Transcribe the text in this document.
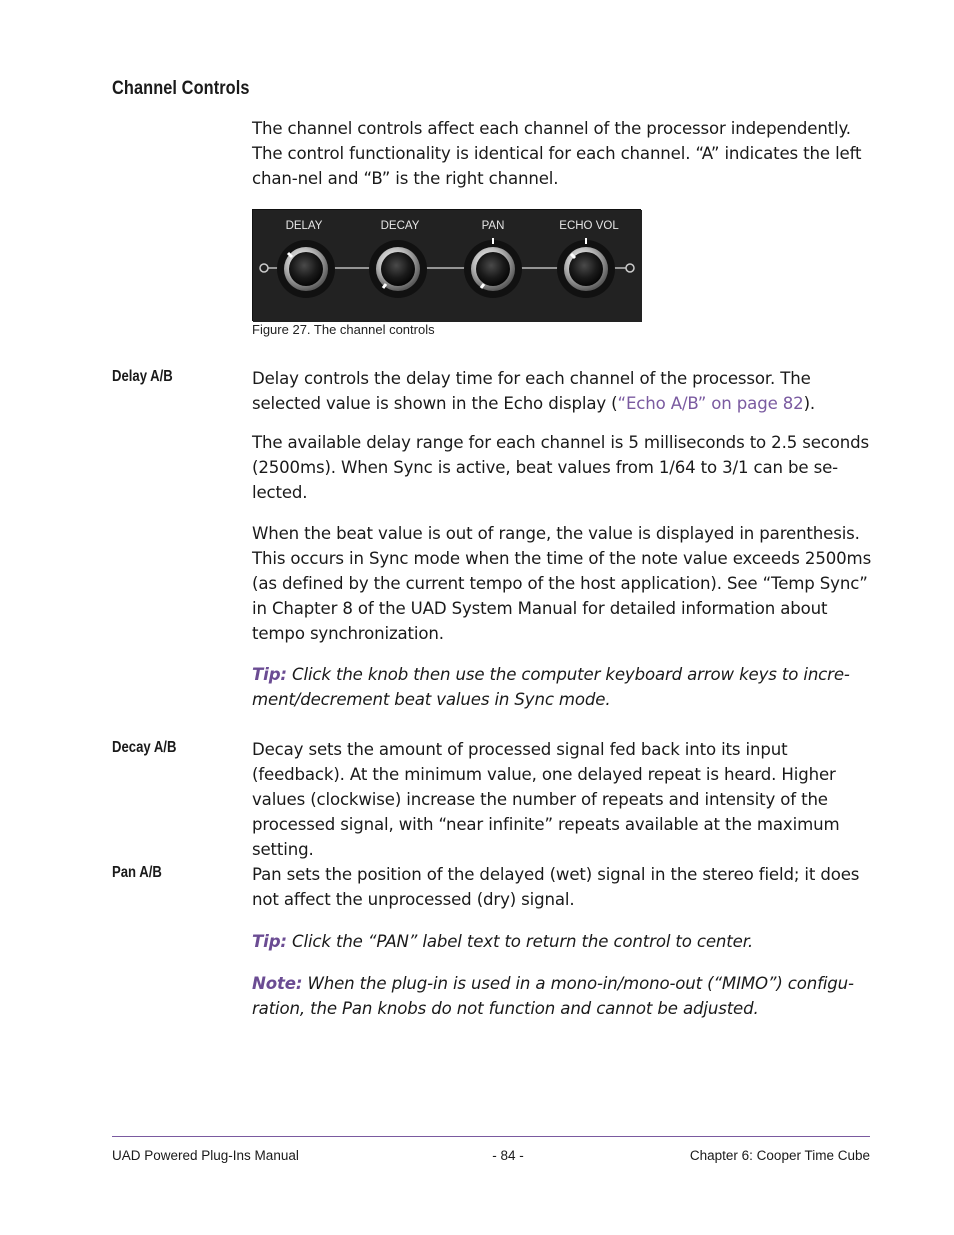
Channel Controls

The channel controls affect each channel of the processor independently. The control functionality is identical for each channel. “A” indicates the left chan-nel and “B” is the right channel.

DELAY	DECAY	PAN	ECHO VOL
Figure 27. The channel controls
Delay A/B	Delay controls the delay time for each channel of the processor. The selected value is shown in the Echo display (“Echo A/B” on page 82).

The available delay range for each channel is 5 milliseconds to 2.5 seconds (2500ms). When Sync is active, beat values from 1/64 to 3/1 can be se-lected.

When the beat value is out of range, the value is displayed in parenthesis. This occurs in Sync mode when the time of the note value exceeds 2500ms (as defined by the current tempo of the host application). See “Temp Sync” in Chapter 8 of the UAD System Manual for detailed information about tempo synchronization.

Tip: Click the knob then use the computer keyboard arrow keys to incre-ment/decrement beat values in Sync mode.

Decay A/B	Decay sets the amount of processed signal fed back into its input (feedback). At the minimum value, one delayed repeat is heard. Higher values (clockwise) increase the number of repeats and intensity of the processed signal, with “near infinite” repeats available at the maximum setting.

Pan A/B	Pan sets the position of the delayed (wet) signal in the stereo field; it does not affect the unprocessed (dry) signal.

Tip: Click the “PAN” label text to return the control to center.

Note: When the plug-in is used in a mono-in/mono-out (“MIMO”) configu-ration, the Pan knobs do not function and cannot be adjusted.

UAD Powered Plug-Ins Manual	- 84 -	Chapter 6: Cooper Time Cube
